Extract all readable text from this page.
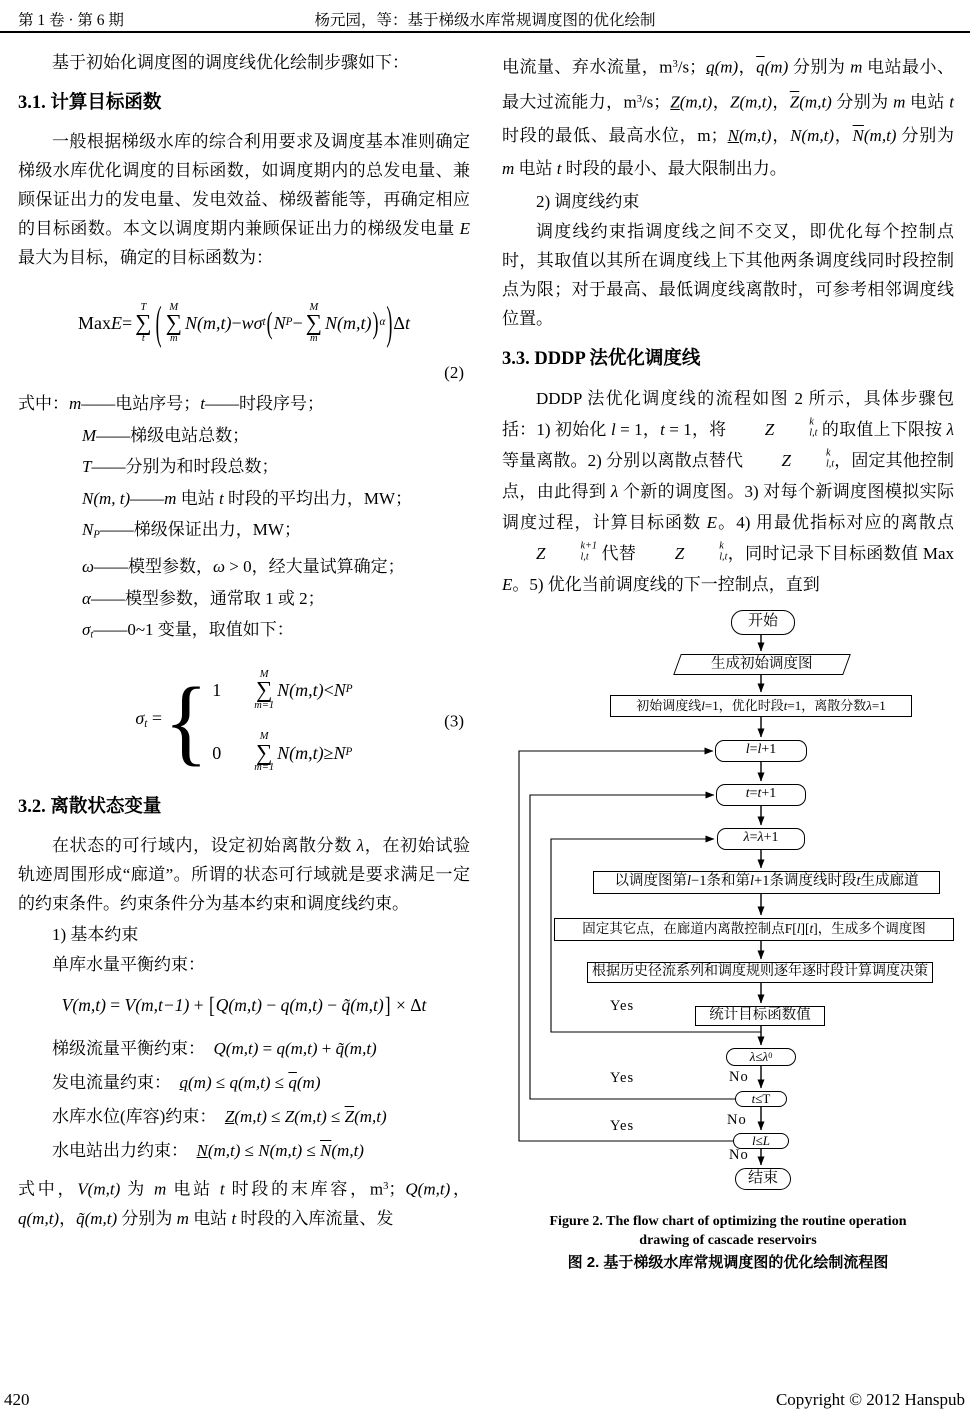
第 1 卷 · 第 6 期	杨元园，等：基于梯级水库常规调度图的优化绘制

基于初始化调度图的调度线优化绘制步骤如下：

3.1. 计算目标函数

一般根据梯级水库的综合利用要求及调度基本准则确定梯级水库优化调度的目标函数，如调度期内的总发电量、兼顾保证出力的发电量、发电效益、梯级蓄能等，再确定相应的目标函数。本文以调度期内兼顾保证出力的梯级发电量 E 最大为目标，确定的目标函数为：

Max E =
T
∑
t ( M
∑
m
N(m,t) − wσ t ( N P −
M
∑
m
N(m,t) ) α ) Δ t
(2)
式中：m——电站序号；t——时段序号；
M——梯级电站总数；
T——分别为和时段总数；
N(m, t)——m 电站 t 时段的平均出力，MW；
NP——梯级保证出力，MW；
ω——模型参数，ω > 0，经大量试算确定；
α——模型参数，通常取 1 或 2；
σt——0~1 变量，取值如下：
σt = { 1
M
∑
m=1
N(m,t) < N P
0
M
∑
m=1
N(m,t) ≥ N P
(3)
3.2. 离散状态变量

在状态的可行域内，设定初始离散分数 λ，在初始试验轨迹周围形成“廊道”。所谓的状态可行域就是要求满足一定的约束条件。约束条件分为基本约束和调度线约束。

1) 基本约束
单库水量平衡约束：
V(m,t) = V(m,t−1) + [Q(m,t) − q(m,t) − q̃(m,t)] × Δt
梯级流量平衡约束：　Q(m,t) = q(m,t) + q̃(m,t)
发电流量约束：　$q(m) \le q(m,t) \le \overline{q}(m)$
水库水位(库容)约束：　$Z(m,t) \le Z(m,t) \le \overline{Z}(m,t)$
水电站出力约束：　$N(m,t) \le N(m,t) \le \overline{N}(m,t)$

式中，V(m,t) 为 m 电站 t 时段的末库容，$m^3$；Q(m,t)，q(m,t)，q̃(m,t) 分别为 m 电站 t 时段的入库流量、发

电流量、弃水流量，$m^3/s$；q(m)，$\overline{q}(m)$ 分别为 m 电站最小、最大过流能力，$m^3/s$；Z(m,t)，Z(m,t)，$\overline{Z}(m,t)$ 分别为 m 电站 t 时段的最低、最高水位，m；N(m,t)，N(m,t)，$\overline{N}(m,t)$ 分别为 m 电站 t 时段的最小、最大限制出力。

2) 调度线约束

调度线约束指调度线之间不交叉，即优化每个控制点时，其取值以其所在调度线上下其他两条调度线同时段控制点为限；对于最高、最低调度线离散时，可参考相邻调度线位置。

3.3. DDDP 法优化调度线

DDDP 法优化调度线的流程如图 2 所示，具体步骤包括：1) 初始化 l = 1，t = 1，将	Z	k
l,t 的取值上下限按 λ 等量离散。2) 分别以离散点替代	Z	k
l,t ，固定其他控制点，由此得到 λ 个新的调度图。3) 对每个新调度图模拟实际调度过程，计算目标函数 E。4) 用最优指标对应的离散点
Z	k+1
l,t 代替	Z	k
l,t ，同时记录下目标函数值 Max E。5) 优化当前调度线的下一控制点，直到

开始
生成初始调度图
初始调度线 l =1，优化时段 t =1，离散分数 λ =1
l = l +1
t = t +1
λ = λ +1
以调度图第 l −1条和第 l +1条调度线时段 t 生成廊道
固定其它点，在廊道内离散控制点F[ l ][ t ]，生成多个调度图
根据历史径流系列和调度规则逐年逐时段计算调度决策
统计目标函数值
λ ≤ λ 0
t ≤T
l ≤ L
结束
Yes
Yes
Yes
No
No
No
Figure 2. The flow chart of optimizing the routine operation
drawing of cascade reservoirs
图 2. 基于梯级水库常规调度图的优化绘制流程图
420	Copyright © 2012 Hanspub
